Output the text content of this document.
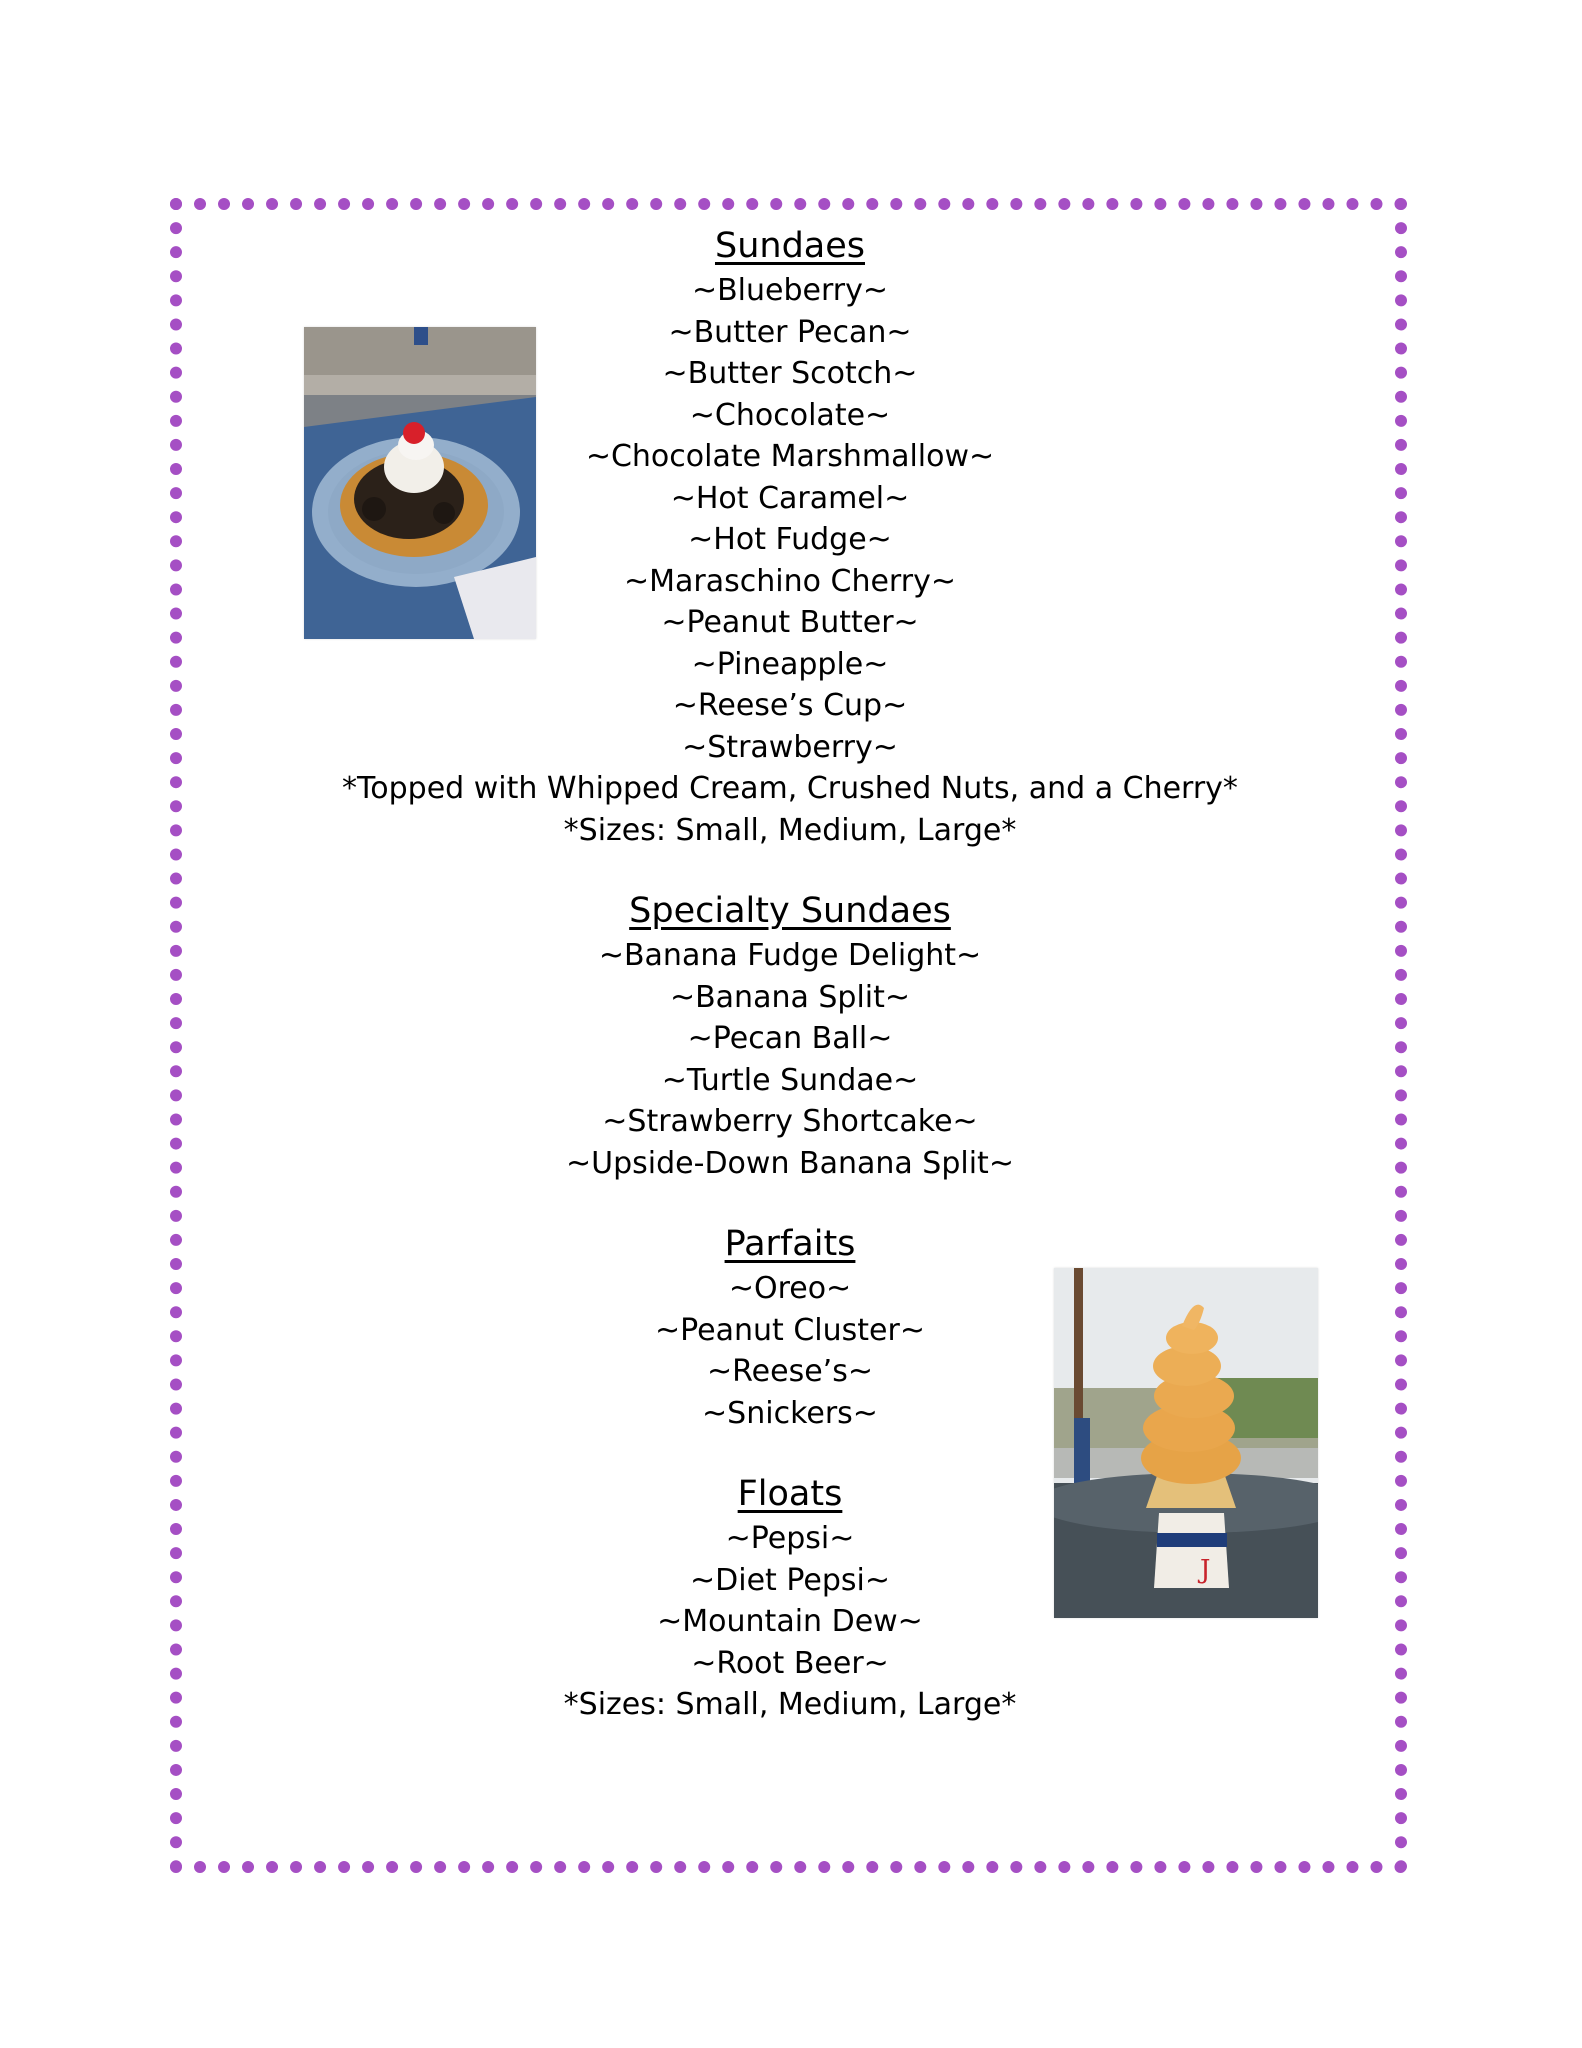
J
Sundaes

~Blueberry~

~Butter Pecan~

~Butter Scotch~

~Chocolate~

~Chocolate Marshmallow~

~Hot Caramel~

~Hot Fudge~

~Maraschino Cherry~

~Peanut Butter~

~Pineapple~

~Reese’s Cup~

~Strawberry~

*Topped with Whipped Cream, Crushed Nuts, and a Cherry*

*Sizes: Small, Medium, Large*

Specialty Sundaes

~Banana Fudge Delight~

~Banana Split~

~Pecan Ball~

~Turtle Sundae~

~Strawberry Shortcake~

~Upside-Down Banana Split~

Parfaits

~Oreo~

~Peanut Cluster~

~Reese’s~

~Snickers~

Floats

~Pepsi~

~Diet Pepsi~

~Mountain Dew~

~Root Beer~

*Sizes: Small, Medium, Large*
